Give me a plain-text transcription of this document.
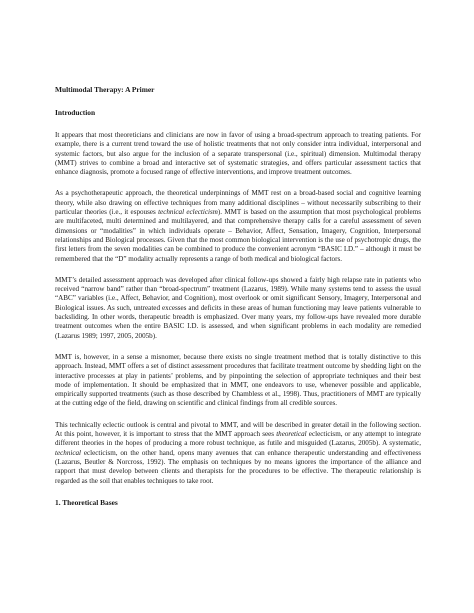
Multimodal Therapy: A Primer

Introduction

It appears that most theoreticians and clinicians are now in favor of using a broad-spectrum approach to treating patients. For example, there is a current trend toward the use of holistic treatments that not only consider intra individual, interpersonal and systemic factors, but also argue for the inclusion of a separate transpersonal (i.e., spiritual) dimension. Multimodal therapy (MMT) strives to combine a broad and interactive set of systematic strategies, and offers particular assessment tactics that enhance diagnosis, promote a focused range of effective interventions, and improve treatment outcomes.

As a psychotherapeutic approach, the theoretical underpinnings of MMT rest on a broad-based social and cognitive learning theory, while also drawing on effective techniques from many additional disciplines – without necessarily subscribing to their particular theories (i.e., it espouses technical eclecticism). MMT is based on the assumption that most psychological problems are multifaceted, multi determined and multilayered, and that comprehensive therapy calls for a careful assessment of seven dimensions or “modalities” in which individuals operate – Behavior, Affect, Sensation, Imagery, Cognition, Interpersonal relationships and Biological processes. Given that the most common biological intervention is the use of psychotropic drugs, the first letters from the seven modalities can be combined to produce the convenient acronym “BASIC I.D.” – although it must be remembered that the “D” modality actually represents a range of both medical and biological factors.

MMT’s detailed assessment approach was developed after clinical follow-ups showed a fairly high relapse rate in patients who received “narrow band” rather than “broad-spectrum” treatment (Lazarus, 1989). While many systems tend to assess the usual “ABC” variables (i.e., Affect, Behavior, and Cognition), most overlook or omit significant Sensory, Imagery, Interpersonal and Biological issues. As such, untreated excesses and deficits in these areas of human functioning may leave patients vulnerable to backsliding. In other words, therapeutic breadth is emphasized. Over many years, my follow-ups have revealed more durable treatment outcomes when the entire BASIC I.D. is assessed, and when significant problems in each modality are remedied (Lazarus 1989; 1997, 2005, 2005b).

MMT is, however, in a sense a misnomer, because there exists no single treatment method that is totally distinctive to this approach. Instead, MMT offers a set of distinct assessment procedures that facilitate treatment outcome by shedding light on the interactive processes at play in patients’ problems, and by pinpointing the selection of appropriate techniques and their best mode of implementation. It should be emphasized that in MMT, one endeavors to use, whenever possible and applicable, empirically supported treatments (such as those described by Chambless et al., 1998). Thus, practitioners of MMT are typically at the cutting edge of the field, drawing on scientific and clinical findings from all credible sources.

This technically eclectic outlook is central and pivotal to MMT, and will be described in greater detail in the following section. At this point, however, it is important to stress that the MMT approach sees theoretical eclecticism, or any attempt to integrate different theories in the hopes of producing a more robust technique, as futile and misguided (Lazarus, 2005b). A systematic, technical eclecticism, on the other hand, opens many avenues that can enhance therapeutic understanding and effectiveness (Lazarus, Beutler & Norcross, 1992). The emphasis on techniques by no means ignores the importance of the alliance and rapport that must develop between clients and therapists for the procedures to be effective. The therapeutic relationship is regarded as the soil that enables techniques to take root.

1. Theoretical Bases
